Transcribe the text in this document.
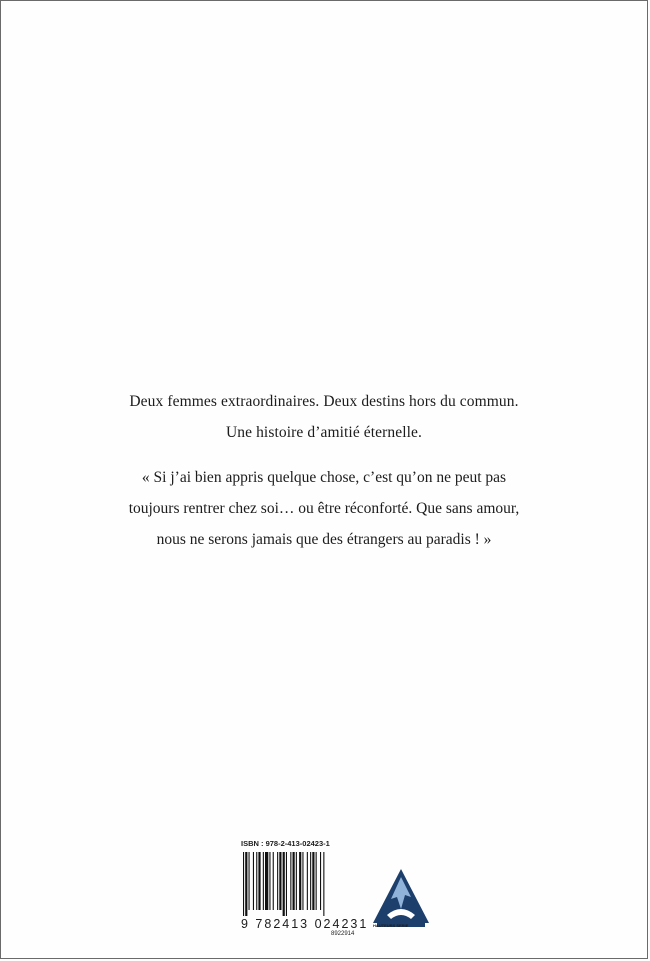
Deux femmes extraordinaires. Deux destins hors du commun.
Une histoire d’amitié éternelle.
« Si j’ai bien appris quelque chose, c’est qu’on ne peut pas
toujours rentrer chez soi… ou être réconforté. Que sans amour,
nous ne serons jamais que des étrangers au paradis ! »
ISBN : 978-2-413-02423-1
9 782413 024231
8922914
HAUTEURS SERIE
